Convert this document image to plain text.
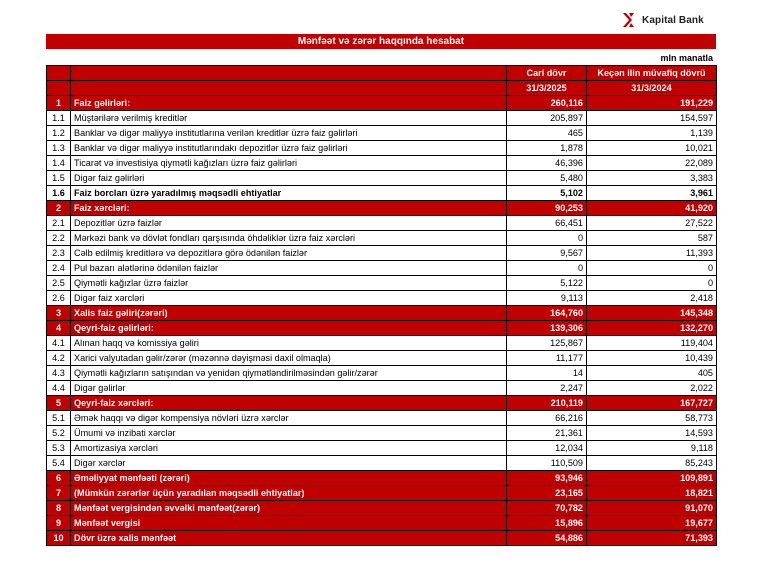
Kapital Bank
Mənfəət və zərər haqqında hesabat
mln manatla
		Cari dövr	Keçən ilin müvafiq dövrü
		31/3/2025	31/3/2024
1	Faiz gəlirləri:	260,116	191,229
1.1	Müştərilərə verilmiş kreditlər	205,897	154,597
1.2	Banklar və digər maliyyə institutlarına verilən kreditlər üzrə faiz gəlirləri	465	1,139
1.3	Banklar və digər maliyyə institutlarındakı depozitlər üzrə faiz gəlirləri	1,878	10,021
1.4	Ticarət və investisiya qiymətli kağızları üzrə faiz gəlirləri	46,396	22,089
1.5	Digər faiz gəlirləri	5,480	3,383
1.6	Faiz borcları üzrə yaradılmış məqsədli ehtiyatlar	5,102	3,961
2	Faiz xərcləri:	90,253	41,920
2.1	Depozitlər üzrə faizlər	66,451	27,522
2.2	Mərkəzi bank və dövlət fondları qarşısında öhdəliklər üzrə faiz xərcləri	0	587
2.3	Cəlb edilmiş kreditlərə və depozitlərə görə ödənilən faizlər	9,567	11,393
2.4	Pul bazarı alətlərinə ödənilən faizlər	0	0
2.5	Qiymətli kağızlar üzrə faizlər	5,122	0
2.6	Digər faiz xərcləri	9,113	2,418
3	Xalis faiz gəliri(zərəri)	164,760	145,348
4	Qeyri-faiz gəlirləri:	139,306	132,270
4.1	Alınan haqq və komissiya gəliri	125,867	119,404
4.2	Xarici valyutadan gəlir/zərər (məzənnə dəyişməsi daxil olmaqla)	11,177	10,439
4.3	Qiymətli kağızların satışından və yenidən qiymətləndirilməsindən gəlir/zərər	14	405
4.4	Digər gəlirlər	2,247	2,022
5	Qeyri-faiz xərcləri:	210,119	167,727
5.1	Əmək haqqı və digər kompensiya növləri üzrə xərclər	66,216	58,773
5.2	Ümumi və inzibati xərclər	21,361	14,593
5.3	Amortizasiya xərcləri	12,034	9,118
5.4	Digər xərclər	110,509	85,243
6	Əməliyyat mənfəəti (zərəri)	93,946	109,891
7	(Mümkün zərərlər üçün yaradılan məqsədli ehtiyatlar)	23,165	18,821
8	Mənfəət vergisindən əvvəlki mənfəət(zərər)	70,782	91,070
9	Mənfəət vergisi	15,896	19,677
10	Dövr üzrə xalis mənfəət	54,886	71,393
